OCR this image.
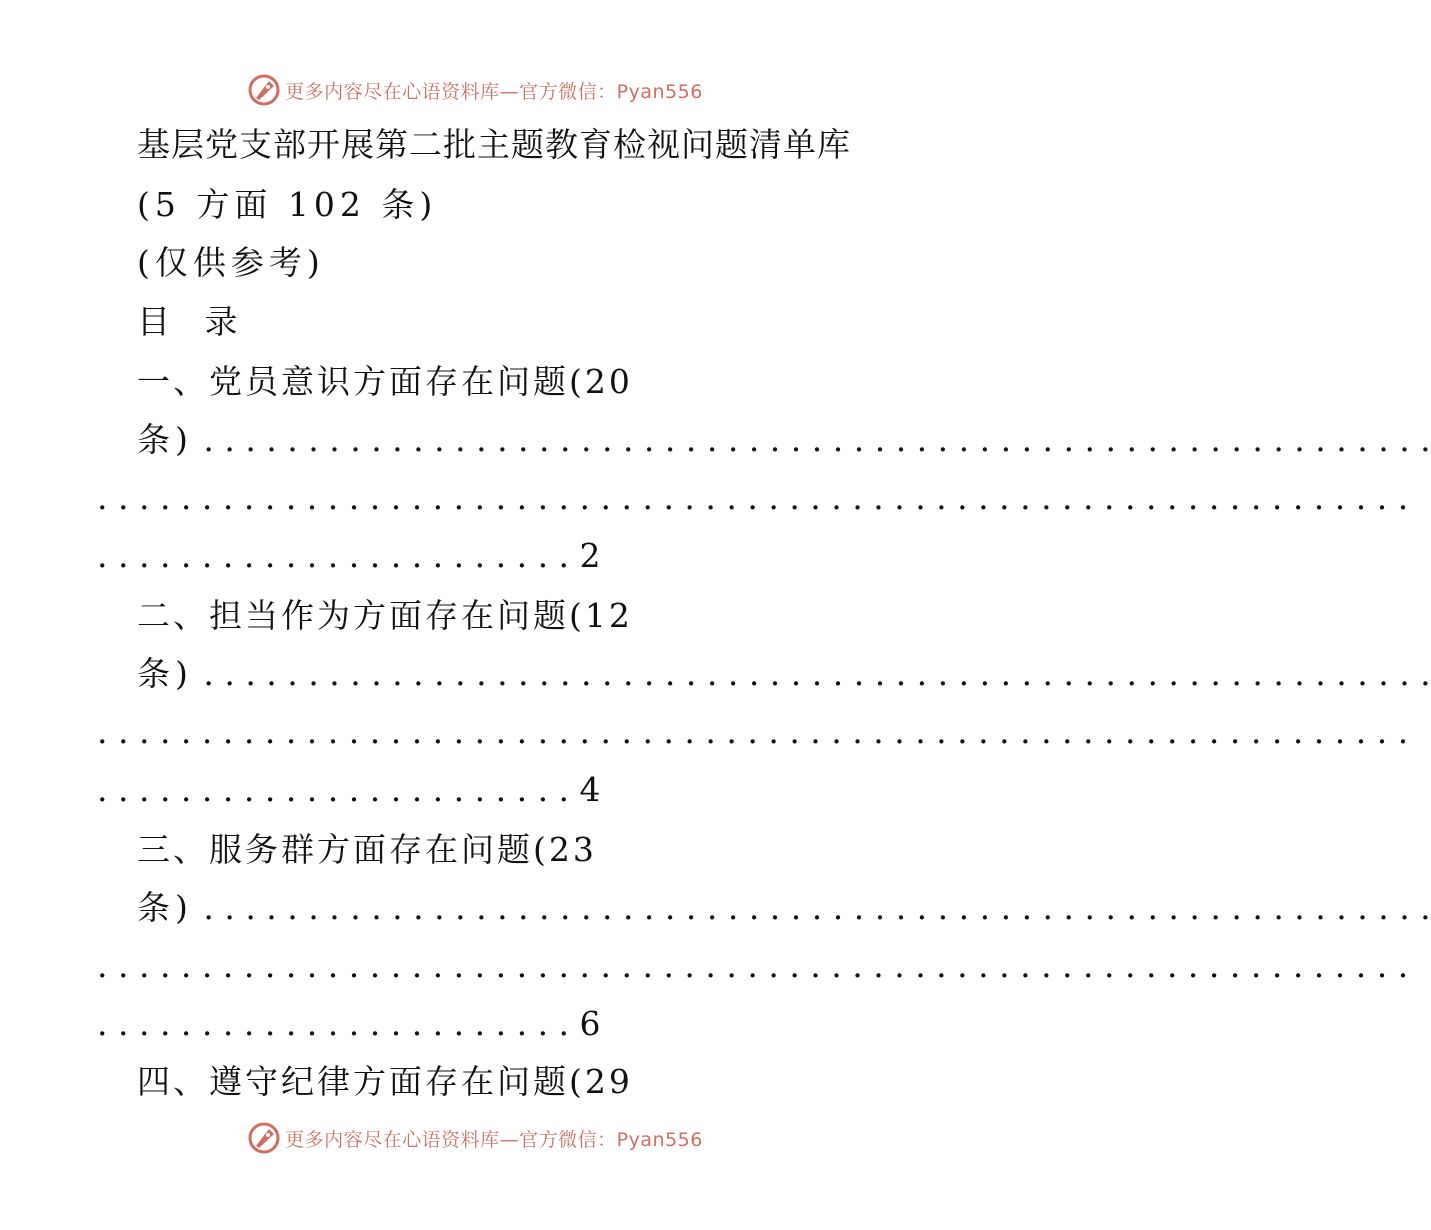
更多内容尽在心语资料库—官方微信：Pyan556
基层党支部开展第二批主题教育检视问题清单库
(5 方面 102 条)
(仅供参考)
目 录
一、党员意识方面存在问题(20
条) . . . . . . . . . . . . . . . . . . . . . . . . . . . . . . . . . . . . . . . . . . . . . . . . . . . . . . . . . . .
. . . . . . . . . . . . . . . . . . . . . . . . . . . . . . . . . . . . . . . . . . . . . . . . . . . . . . . . . . . . . . .
. . . . . . . . . . . . . . . . . . . . . . . 2
二、担当作为方面存在问题(12
条) . . . . . . . . . . . . . . . . . . . . . . . . . . . . . . . . . . . . . . . . . . . . . . . . . . . . . . . . . . .
. . . . . . . . . . . . . . . . . . . . . . . . . . . . . . . . . . . . . . . . . . . . . . . . . . . . . . . . . . . . . . .
. . . . . . . . . . . . . . . . . . . . . . . 4
三、服务群方面存在问题(23
条) . . . . . . . . . . . . . . . . . . . . . . . . . . . . . . . . . . . . . . . . . . . . . . . . . . . . . . . . . . .
. . . . . . . . . . . . . . . . . . . . . . . . . . . . . . . . . . . . . . . . . . . . . . . . . . . . . . . . . . . . . . .
. . . . . . . . . . . . . . . . . . . . . . . 6
四、遵守纪律方面存在问题(29
更多内容尽在心语资料库—官方微信：Pyan556
